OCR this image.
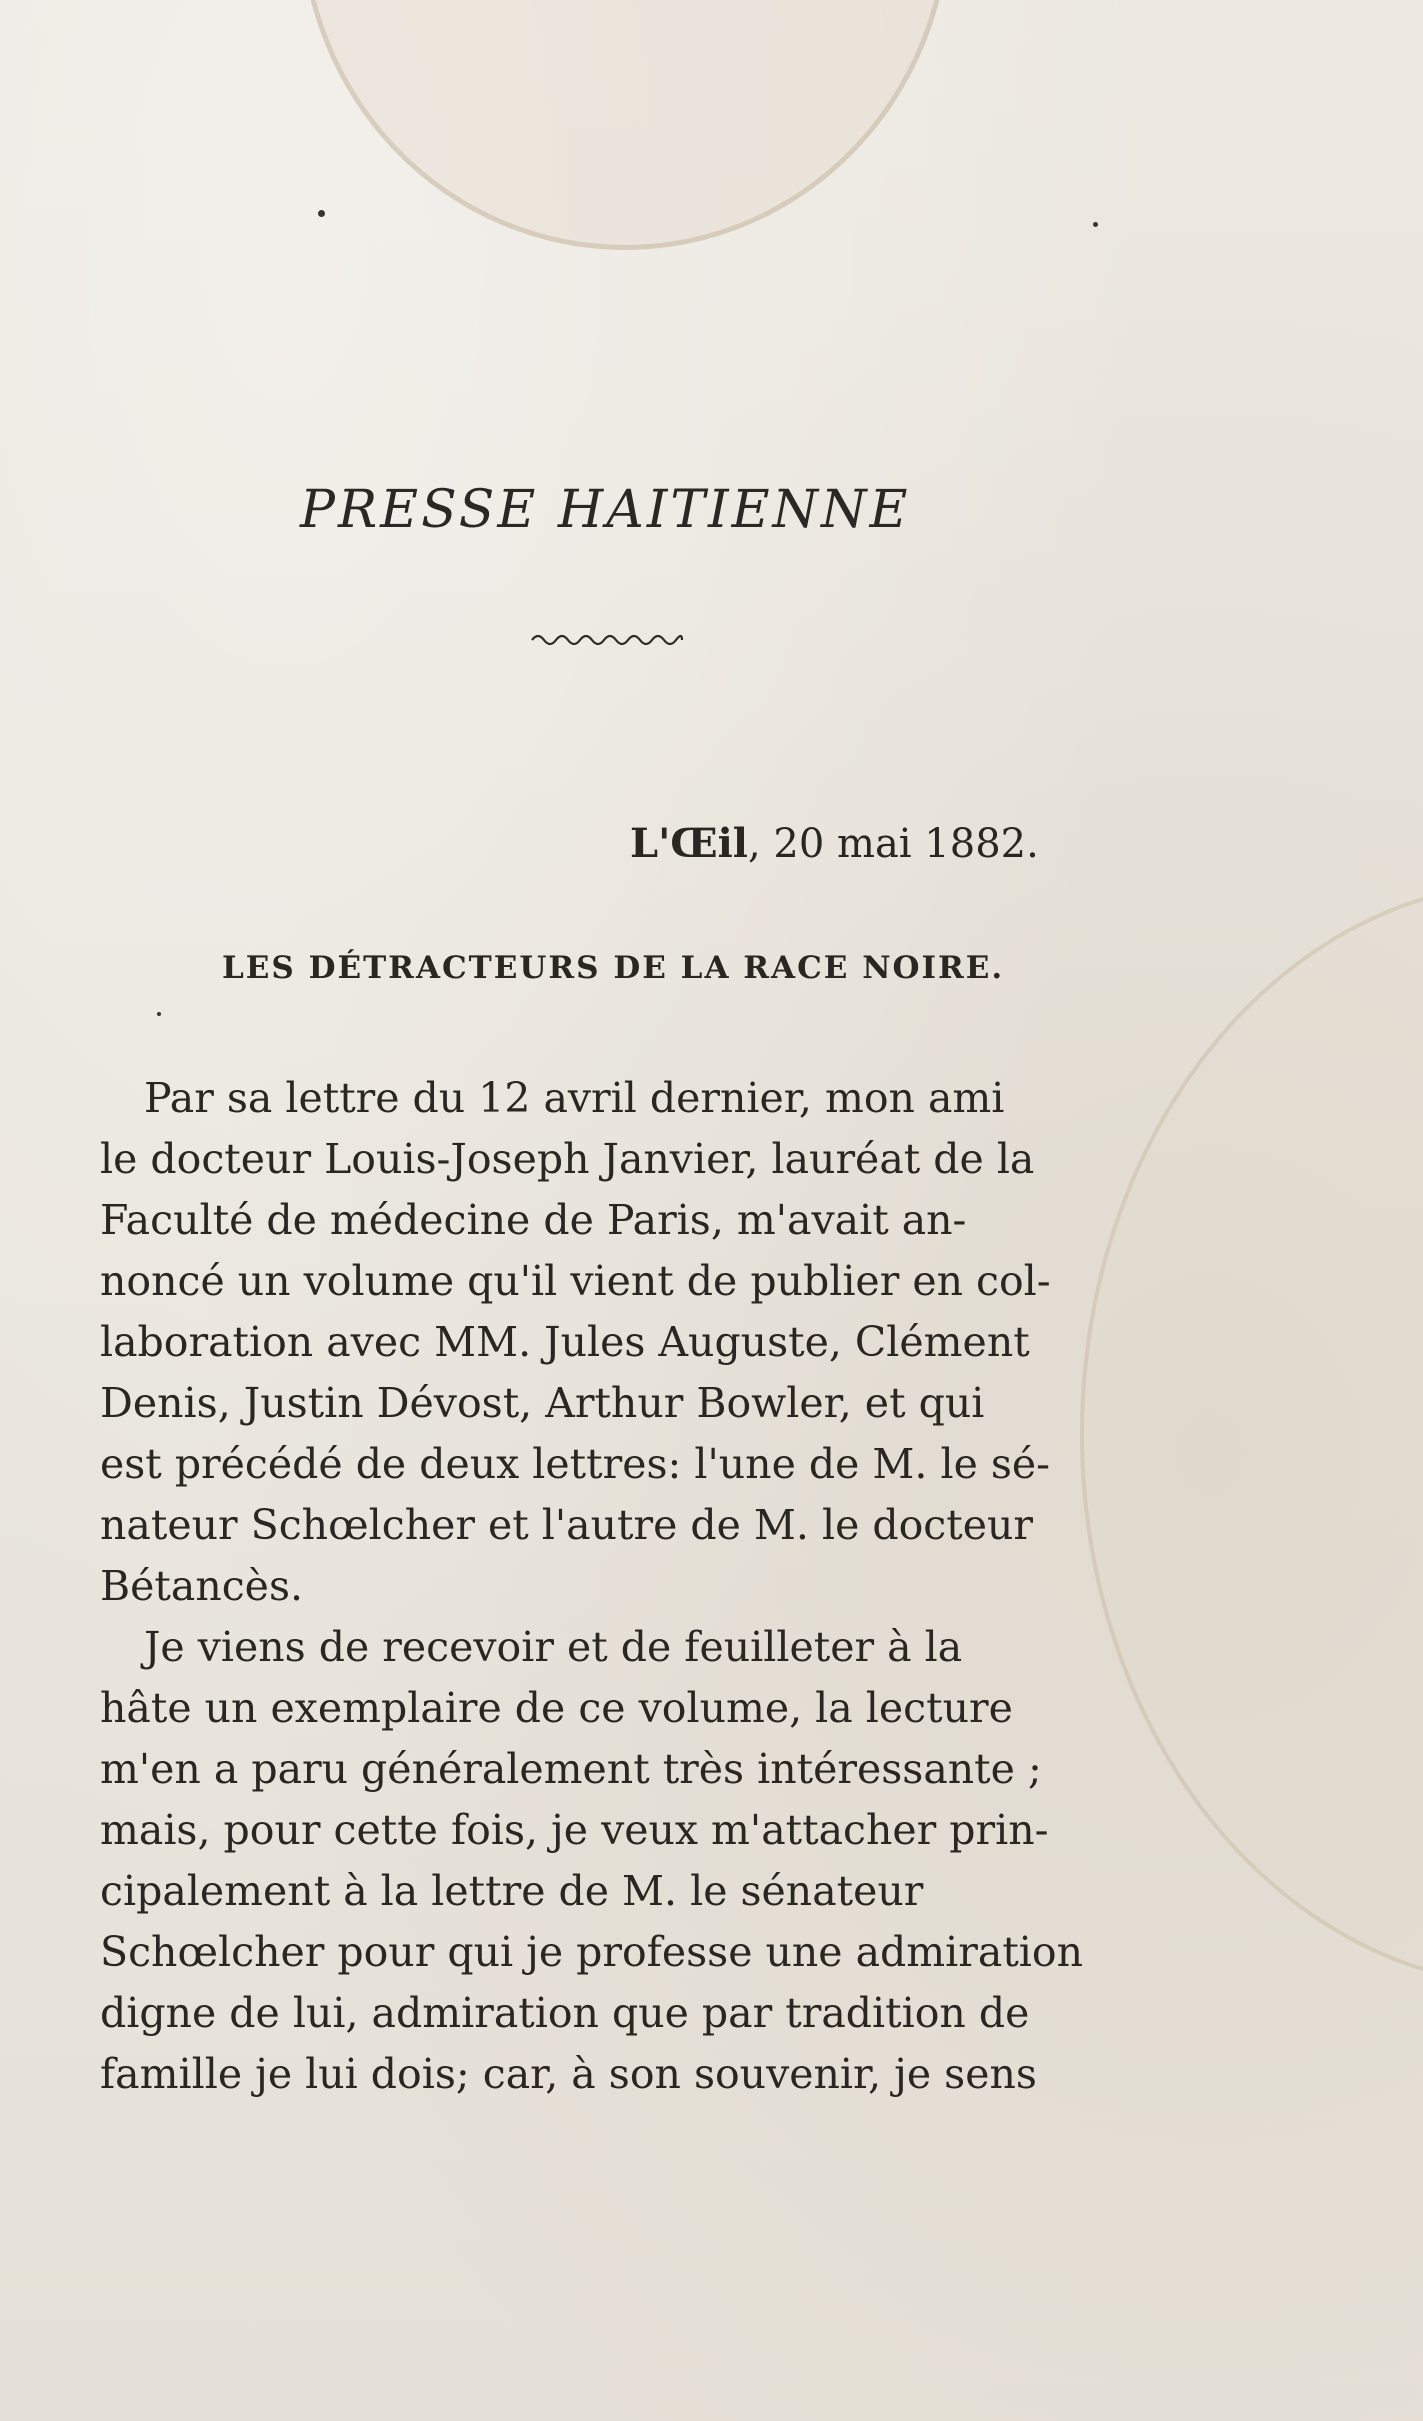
PRESSE HAITIENNE
L'Œil, 20 mai 1882.
LES DÉTRACTEURS DE LA RACE NOIRE.
Par sa lettre du 12 avril dernier, mon ami
le docteur Louis-Joseph Janvier, lauréat de la
Faculté de médecine de Paris, m'avait an-
noncé un volume qu'il vient de publier en col-
laboration avec MM. Jules Auguste, Clément
Denis, Justin Dévost, Arthur Bowler, et qui
est précédé de deux lettres: l'une de M. le sé-
nateur Schœlcher et l'autre de M. le docteur
Bétancès.
Je viens de recevoir et de feuilleter à la
hâte un exemplaire de ce volume, la lecture
m'en a paru généralement très intéressante ;
mais, pour cette fois, je veux m'attacher prin-
cipalement à la lettre de M. le sénateur
Schœlcher pour qui je professe une admiration
digne de lui, admiration que par tradition de
famille je lui dois; car, à son souvenir, je sens
